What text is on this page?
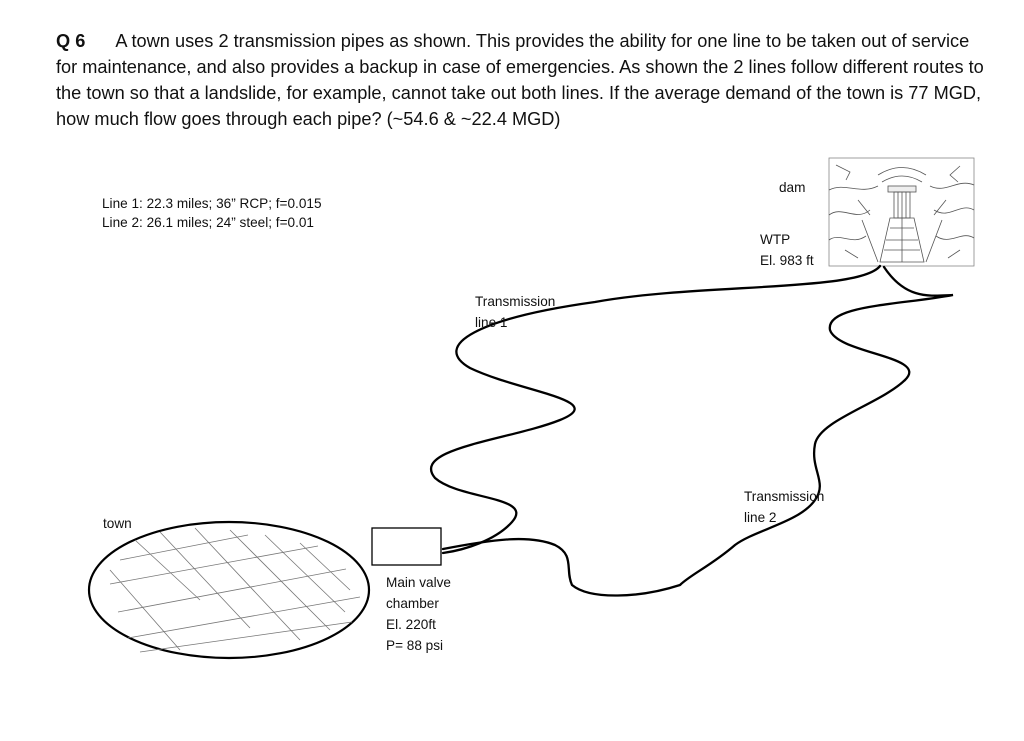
Q 6 A town uses 2 transmission pipes as shown. This provides the ability for one line to be taken out of service for maintenance, and also provides a backup in case of emergencies. As shown the 2 lines follow different routes to the town so that a landslide, for example, cannot take out both lines. If the average demand of the town is 77 MGD, how much flow goes through each pipe? (~54.6 & ~22.4 MGD)

Line 1: 22.3 miles; 36” RCP; f=0.015
Line 2: 26.1 miles; 24” steel; f=0.01
dam
WTP
El. 983 ft
Transmission
line 1
Transmission
line 2
town
Main valve
chamber
El. 220ft
P= 88 psi
